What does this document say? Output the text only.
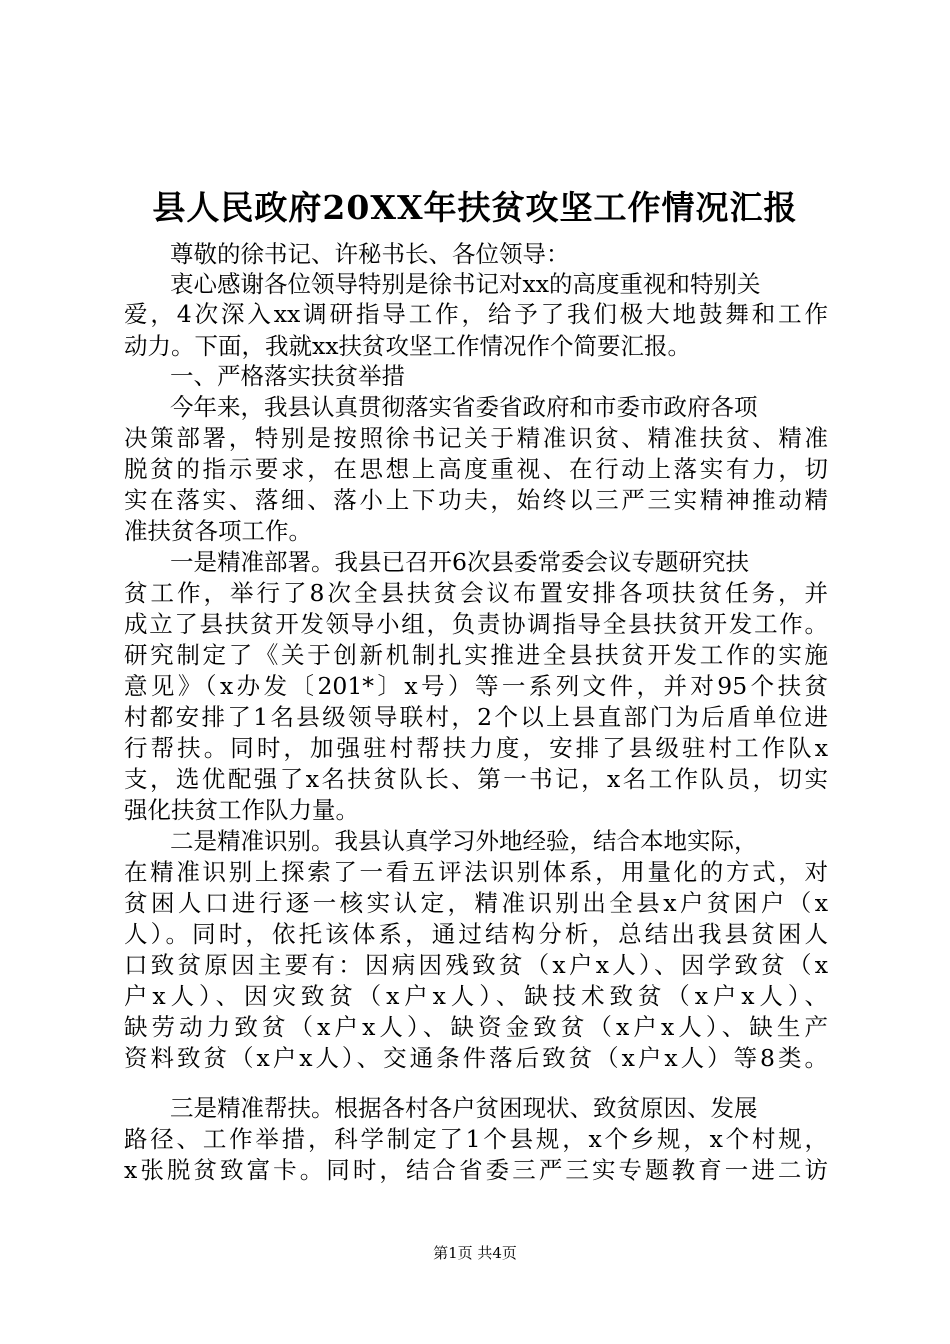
县人民政府20XX年扶贫攻坚工作情况汇报
尊敬的徐书记、许秘书长、各位领导：
衷心感谢各位领导特别是徐书记对xx的高度重视和特别关
爱，4次深入xx调研指导工作，给予了我们极大地鼓舞和工作
动力。下面，我就xx扶贫攻坚工作情况作个简要汇报。
一、严格落实扶贫举措
今年来，我县认真贯彻落实省委省政府和市委市政府各项
决策部署，特别是按照徐书记关于精准识贫、精准扶贫、精准
脱贫的指示要求，在思想上高度重视、在行动上落实有力，切
实在落实、落细、落小上下功夫，始终以三严三实精神推动精
准扶贫各项工作。
一是精准部署。我县已召开6次县委常委会议专题研究扶
贫工作，举行了8次全县扶贫会议布置安排各项扶贫任务，并
成立了县扶贫开发领导小组，负责协调指导全县扶贫开发工作。
研究制定了《关于创新机制扎实推进全县扶贫开发工作的实施
意见》（x办发〔201*〕x号）等一系列文件，并对95个扶贫
村都安排了1名县级领导联村，2个以上县直部门为后盾单位进
行帮扶。同时，加强驻村帮扶力度，安排了县级驻村工作队x
支，选优配强了x名扶贫队长、第一书记，x名工作队员，切实
强化扶贫工作队力量。
二是精准识别。我县认真学习外地经验，结合本地实际，
在精准识别上探索了一看五评法识别体系，用量化的方式，对
贫困人口进行逐一核实认定，精准识别出全县x户贫困户（x
人）。同时，依托该体系，通过结构分析，总结出我县贫困人
口致贫原因主要有：因病因残致贫（x户x人）、因学致贫（x
户x人）、因灾致贫（x户x人）、缺技术致贫（x户x人）、
缺劳动力致贫（x户x人）、缺资金致贫（x户x人）、缺生产
资料致贫（x户x人）、交通条件落后致贫（x户x人）等8类。
三是精准帮扶。根据各村各户贫困现状、致贫原因、发展
路径、工作举措，科学制定了1个县规，x个乡规，x个村规，
x张脱贫致富卡。同时，结合省委三严三实专题教育一进二访
第1页 共4页
